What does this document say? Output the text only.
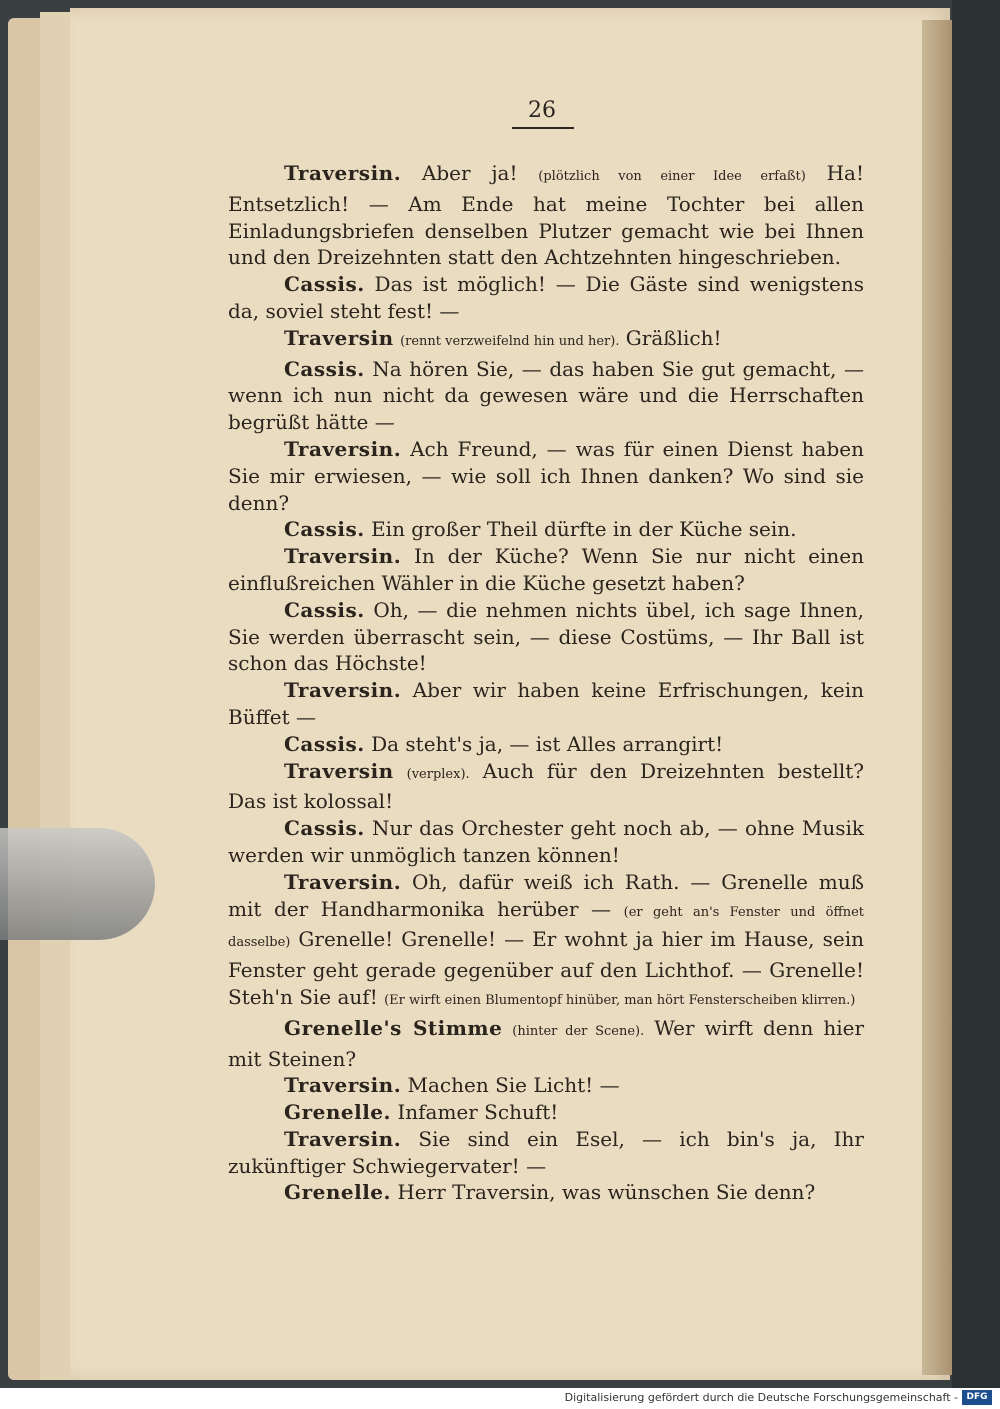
26

Traversin. Aber ja! (plötzlich von einer Idee erfaßt) Ha! Entsetzlich! — Am Ende hat meine Tochter bei allen Einladungsbriefen denselben Plutzer gemacht wie bei Ihnen und den Dreizehnten statt den Achtzehnten hingeschrieben.

Cassis. Das ist möglich! — Die Gäste sind wenigstens da, soviel steht fest! —

Traversin (rennt verzweifelnd hin und her). Gräßlich!

Cassis. Na hören Sie, — das haben Sie gut gemacht, — wenn ich nun nicht da gewesen wäre und die Herrschaften begrüßt hätte —

Traversin. Ach Freund, — was für einen Dienst haben Sie mir erwiesen, — wie soll ich Ihnen danken? Wo sind sie denn?

Cassis. Ein großer Theil dürfte in der Küche sein.

Traversin. In der Küche? Wenn Sie nur nicht einen einflußreichen Wähler in die Küche gesetzt haben?

Cassis. Oh, — die nehmen nichts übel, ich sage Ihnen, Sie werden überrascht sein, — diese Costüms, — Ihr Ball ist schon das Höchste!

Traversin. Aber wir haben keine Erfrischungen, kein Büffet —

Cassis. Da steht's ja, — ist Alles arrangirt!

Traversin (verplex). Auch für den Dreizehnten bestellt? Das ist kolossal!

Cassis. Nur das Orchester geht noch ab, — ohne Musik werden wir unmöglich tanzen können!

Traversin. Oh, dafür weiß ich Rath. — Grenelle muß mit der Handharmonika herüber — (er geht an's Fenster und öffnet dasselbe) Grenelle! Grenelle! — Er wohnt ja hier im Hause, sein Fenster geht gerade gegenüber auf den Lichthof. — Grenelle! Steh'n Sie auf! (Er wirft einen Blumentopf hinüber, man hört Fensterscheiben klirren.)

Grenelle's Stimme (hinter der Scene). Wer wirft denn hier mit Steinen?

Traversin. Machen Sie Licht! —

Grenelle. Infamer Schuft!

Traversin. Sie sind ein Esel, — ich bin's ja, Ihr zukünftiger Schwiegervater! —

Grenelle. Herr Traversin, was wünschen Sie denn?

Digitalisierung gefördert durch die Deutsche Forschungsgemeinschaft - DFG
